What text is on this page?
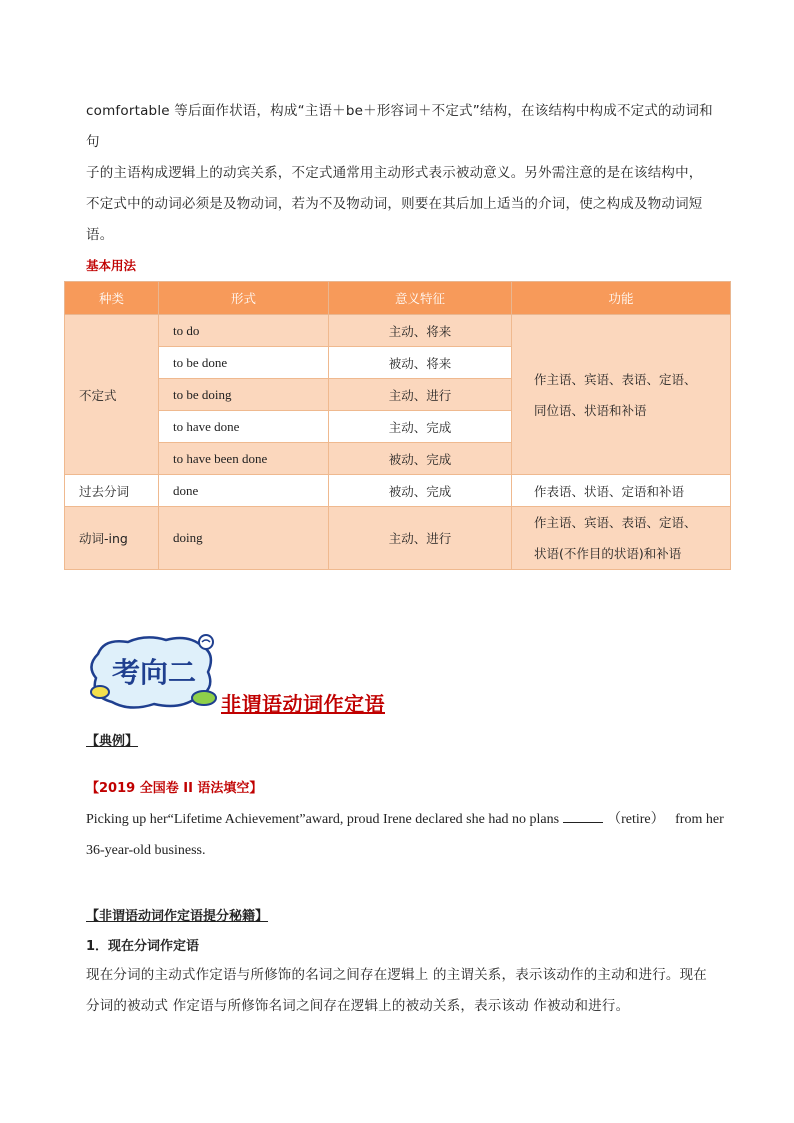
comfortable 等后面作状语，构成“主语＋be＋形容词＋不定式”结构，在该结构中构成不定式的动词和句
子的主语构成逻辑上的动宾关系，不定式通常用主动形式表示被动意义。另外需注意的是在该结构中，
不定式中的动词必须是及物动词，若为不及物动词，则要在其后加上适当的介词，使之构成及物动词短
语。
基本用法
种类	形式	意义特征	功能
不定式	to do	主动、将来	作主语、宾语、表语、定语、
同位语、状语和补语

	to be done	被动、将来	
	to be doing	主动、进行	
	to have done	主动、完成	
	to have been done	被动、完成	
过去分词	done	被动、完成	作表语、状语、定语和补语
动词-ing	doing	主动、进行	作主语、宾语、表语、定语、
状语(不作目的状语)和补语
考向二
非谓语动词作定语
【典例】
【2019 全国卷 II 语法填空】
Picking up her“Lifetime Achievement”award, proud Irene declared she had no plans	（retire） from her
36-year-old business.
【非谓语动词作定语提分秘籍】
1．现在分词作定语
现在分词的主动式作定语与所修饰的名词之间存在逻辑上 的主谓关系，表示该动作的主动和进行。现在
分词的被动式 作定语与所修饰名词之间存在逻辑上的被动关系，表示该动 作被动和进行。
